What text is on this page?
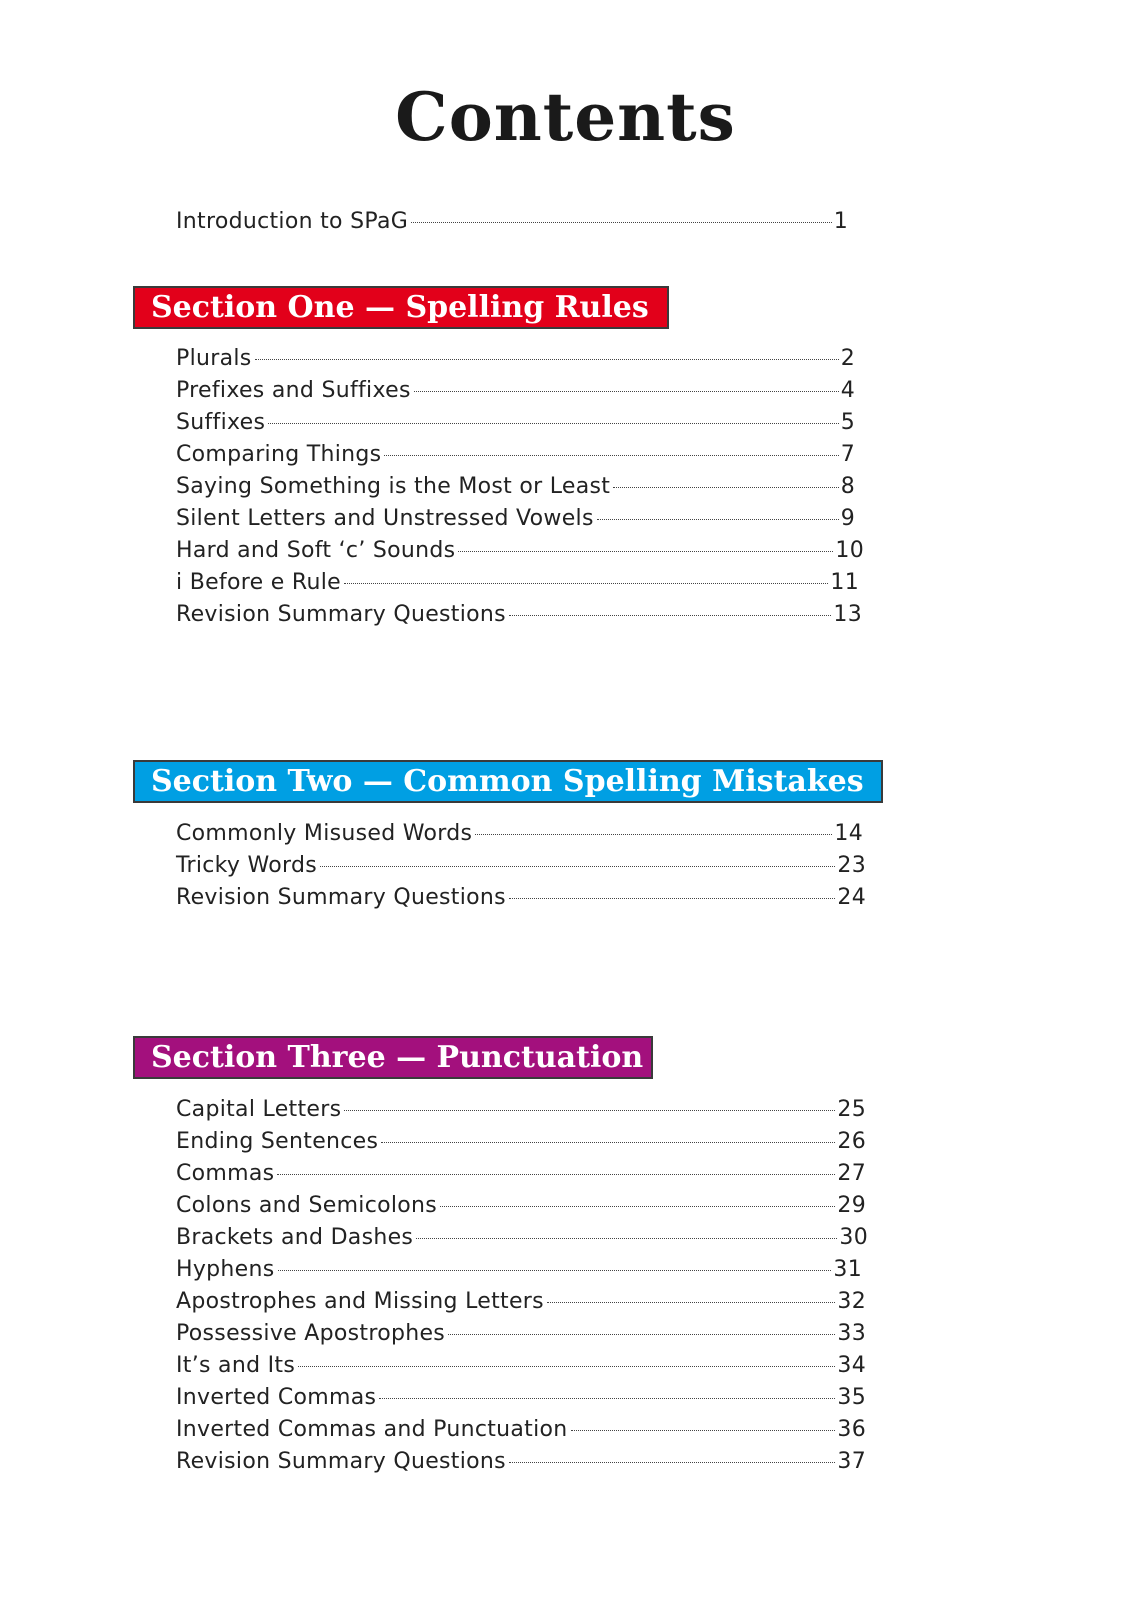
Contents
Introduction to SPaG	1
Section One — Spelling Rules
Plurals	2
Prefixes and Suffixes	4
Suffixes	5
Comparing Things	7
Saying Something is the Most or Least	8
Silent Letters and Unstressed Vowels	9
Hard and Soft ‘c’ Sounds	10
i Before e Rule	11
Revision Summary Questions	13
Section Two — Common Spelling Mistakes
Commonly Misused Words	14
Tricky Words	23
Revision Summary Questions	24
Section Three — Punctuation
Capital Letters	25
Ending Sentences	26
Commas	27
Colons and Semicolons	29
Brackets and Dashes	30
Hyphens	31
Apostrophes and Missing Letters	32
Possessive Apostrophes	33
It’s and Its	34
Inverted Commas	35
Inverted Commas and Punctuation	36
Revision Summary Questions	37
